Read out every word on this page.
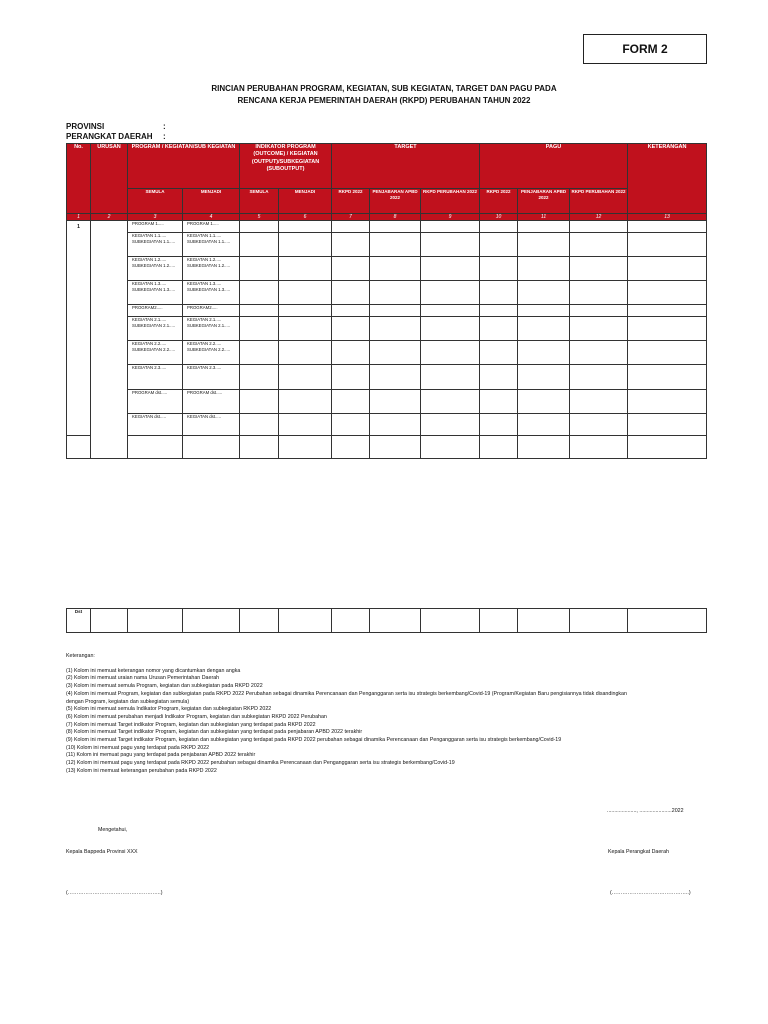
FORM 2
RINCIAN PERUBAHAN PROGRAM, KEGIATAN, SUB KEGIATAN, TARGET DAN PAGU PADA
RENCANA KERJA PEMERINTAH DAERAH (RKPD) PERUBAHAN TAHUN 2022
PROVINSI	:
PERANGKAT DAERAH :
No.	URUSAN	PROGRAM / KEGIATAN/SUB KEGIATAN		INDIKATOR PROGRAM (OUTCOME) / KEGIATAN (OUTPUT)/SUBKEGIATAN (SUBOUTPUT)		TARGET			PAGU			KETERANGAN
		SEMULA	MENJADI	SEMULA	MENJADI	RKPD 2022	PENJABARAN APBD 2022	RKPD PERUBAHAN 2022	RKPD 2022	PENJABARAN APBD 2022	RKPD PERUBAHAN 2022	
1	2	3	4	5	6	7	8	9	10	11	12	13
1		PROGRAM 1.....	PROGRAM 1.....									
		KEGIATAN 1.1..... SUBKEGIATAN 1.1.....	KEGIATAN 1.1..... SUBKEGIATAN 1.1.....									
		KEGIATAN 1.2..... SUBKEGIATAN 1.2.....	KEGIATAN 1.2..... SUBKEGIATAN 1.2.....									
		KEGIATAN 1.3..... SUBKEGIATAN 1.3.....	KEGIATAN 1.3..... SUBKEGIATAN 1.3.....									
		PROGRAM2.....	PROGRAM2.....									
		KEGIATAN 2.1..... SUBKEGIATAN 2.1.....	KEGIATAN 2.1..... SUBKEGIATAN 2.1.....									
		KEGIATAN 2.2..... SUBKEGIATAN 2.2.....	KEGIATAN 2.2..... SUBKEGIATAN 2.2.....									
		KEGIATAN 2.3.....	KEGIATAN 2.3.....									
		PROGRAM dst.....	PROGRAM dst.....									
		KEGIATAN dst.....	KEGIATAN dst.....									

Dst												
Keterangan:
(1) Kolom ini memuat keterangan nomor yang dicantumkan dengan angka
(2) Kolom ini memuat uraian nama Urusan Pemerintahan Daerah
(3) Kolom ini memuat semula Program, kegiatan dan subkegiatan pada RKPD 2022
(4) Kolom ini memuat Program, kegiatan dan subkegiatan pada RKPD 2022 Perubahan sebagai dinamika Perencanaan dan Penganggaran serta isu strategis berkembang/Covid-19 (Program/Kegiatan Baru pengisiannya tidak disandingkan
dengan Program, kegiatan dan subkegiatan semula)
(5) Kolom ini memuat semula Indikator Program, kegiatan dan subkegiatan RKPD 2022
(6) Kolom ini memuat perubahan menjadi Indikator Program, kegiatan dan subkegiatan RKPD 2022 Perubahan
(7) Kolom ini memuat Target indikator Program, kegiatan dan subkegiatan yang terdapat pada RKPD 2022
(8) Kolom ini memuat Target indikator Program, kegiatan dan subkegiatan yang terdapat pada penjabaran APBD 2022 terakhir
(9) Kolom ini memuat Target indikator Program, kegiatan dan subkegiatan yang terdapat pada RKPD 2022 perubahan sebagai dinamika Perencanaan dan Penganggaran serta isu strategis berkembang/Covid-19
(10) Kolom ini memuat pagu yang terdapat pada RKPD 2022
(11) Kolom ini memuat pagu yang terdapat pada penjabaran APBD 2022 terakhir
(12) Kolom ini memuat pagu yang terdapat pada RKPD 2022 perubahan sebagai dinamika Perencanaan dan Penganggaran serta isu strategis berkembang/Covid-19
(13) Kolom ini memuat keterangan perubahan pada RKPD 2022
...................., ......................2022
Mengetahui,
Kepala Bappeda Provinsi XXX	Kepala Perangkat Daerah
(……………………………………………..)	(……………………………………..)
